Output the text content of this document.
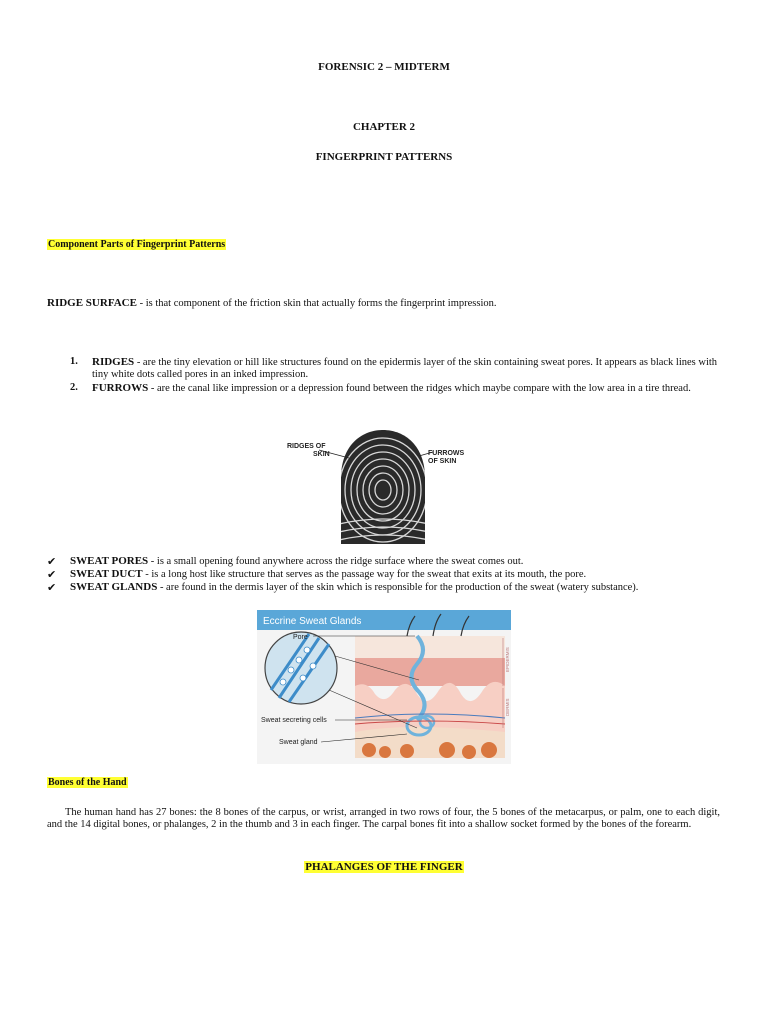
FORENSIC 2 – MIDTERM
CHAPTER 2
FINGERPRINT PATTERNS
Component Parts of Fingerprint Patterns
RIDGE SURFACE - is that component of the friction skin that actually forms the fingerprint impression.
1. RIDGES - are the tiny elevation or hill like structures found on the epidermis layer of the skin containing sweat pores. It appears as black lines with tiny white dots called pores in an inked impression.
2. FURROWS - are the canal like impression or a depression found between the ridges which maybe compare with the low area in a tire thread.
RIDGES OF
SKIN	FURROWS
OF SKIN
✔ SWEAT PORES - is a small opening found anywhere across the ridge surface where the sweat comes out.
✔ SWEAT DUCT - is a long host like structure that serves as the passage way for the sweat that exits at its mouth, the pore.
✔ SWEAT GLANDS - are found in the dermis layer of the skin which is responsible for the production of the sweat (watery substance).
Eccrine Sweat Glands
EPIDERMIS
DERMIS
Pore
Sweat secreting cells
Sweat gland
Bones of the Hand
The human hand has 27 bones: the 8 bones of the carpus, or wrist, arranged in two rows of four, the 5 bones of the metacarpus, or palm, one to each digit, and the 14 digital bones, or phalanges, 2 in the thumb and 3 in each finger. The carpal bones fit into a shallow socket formed by the bones of the forearm.
PHALANGES OF THE FINGER
